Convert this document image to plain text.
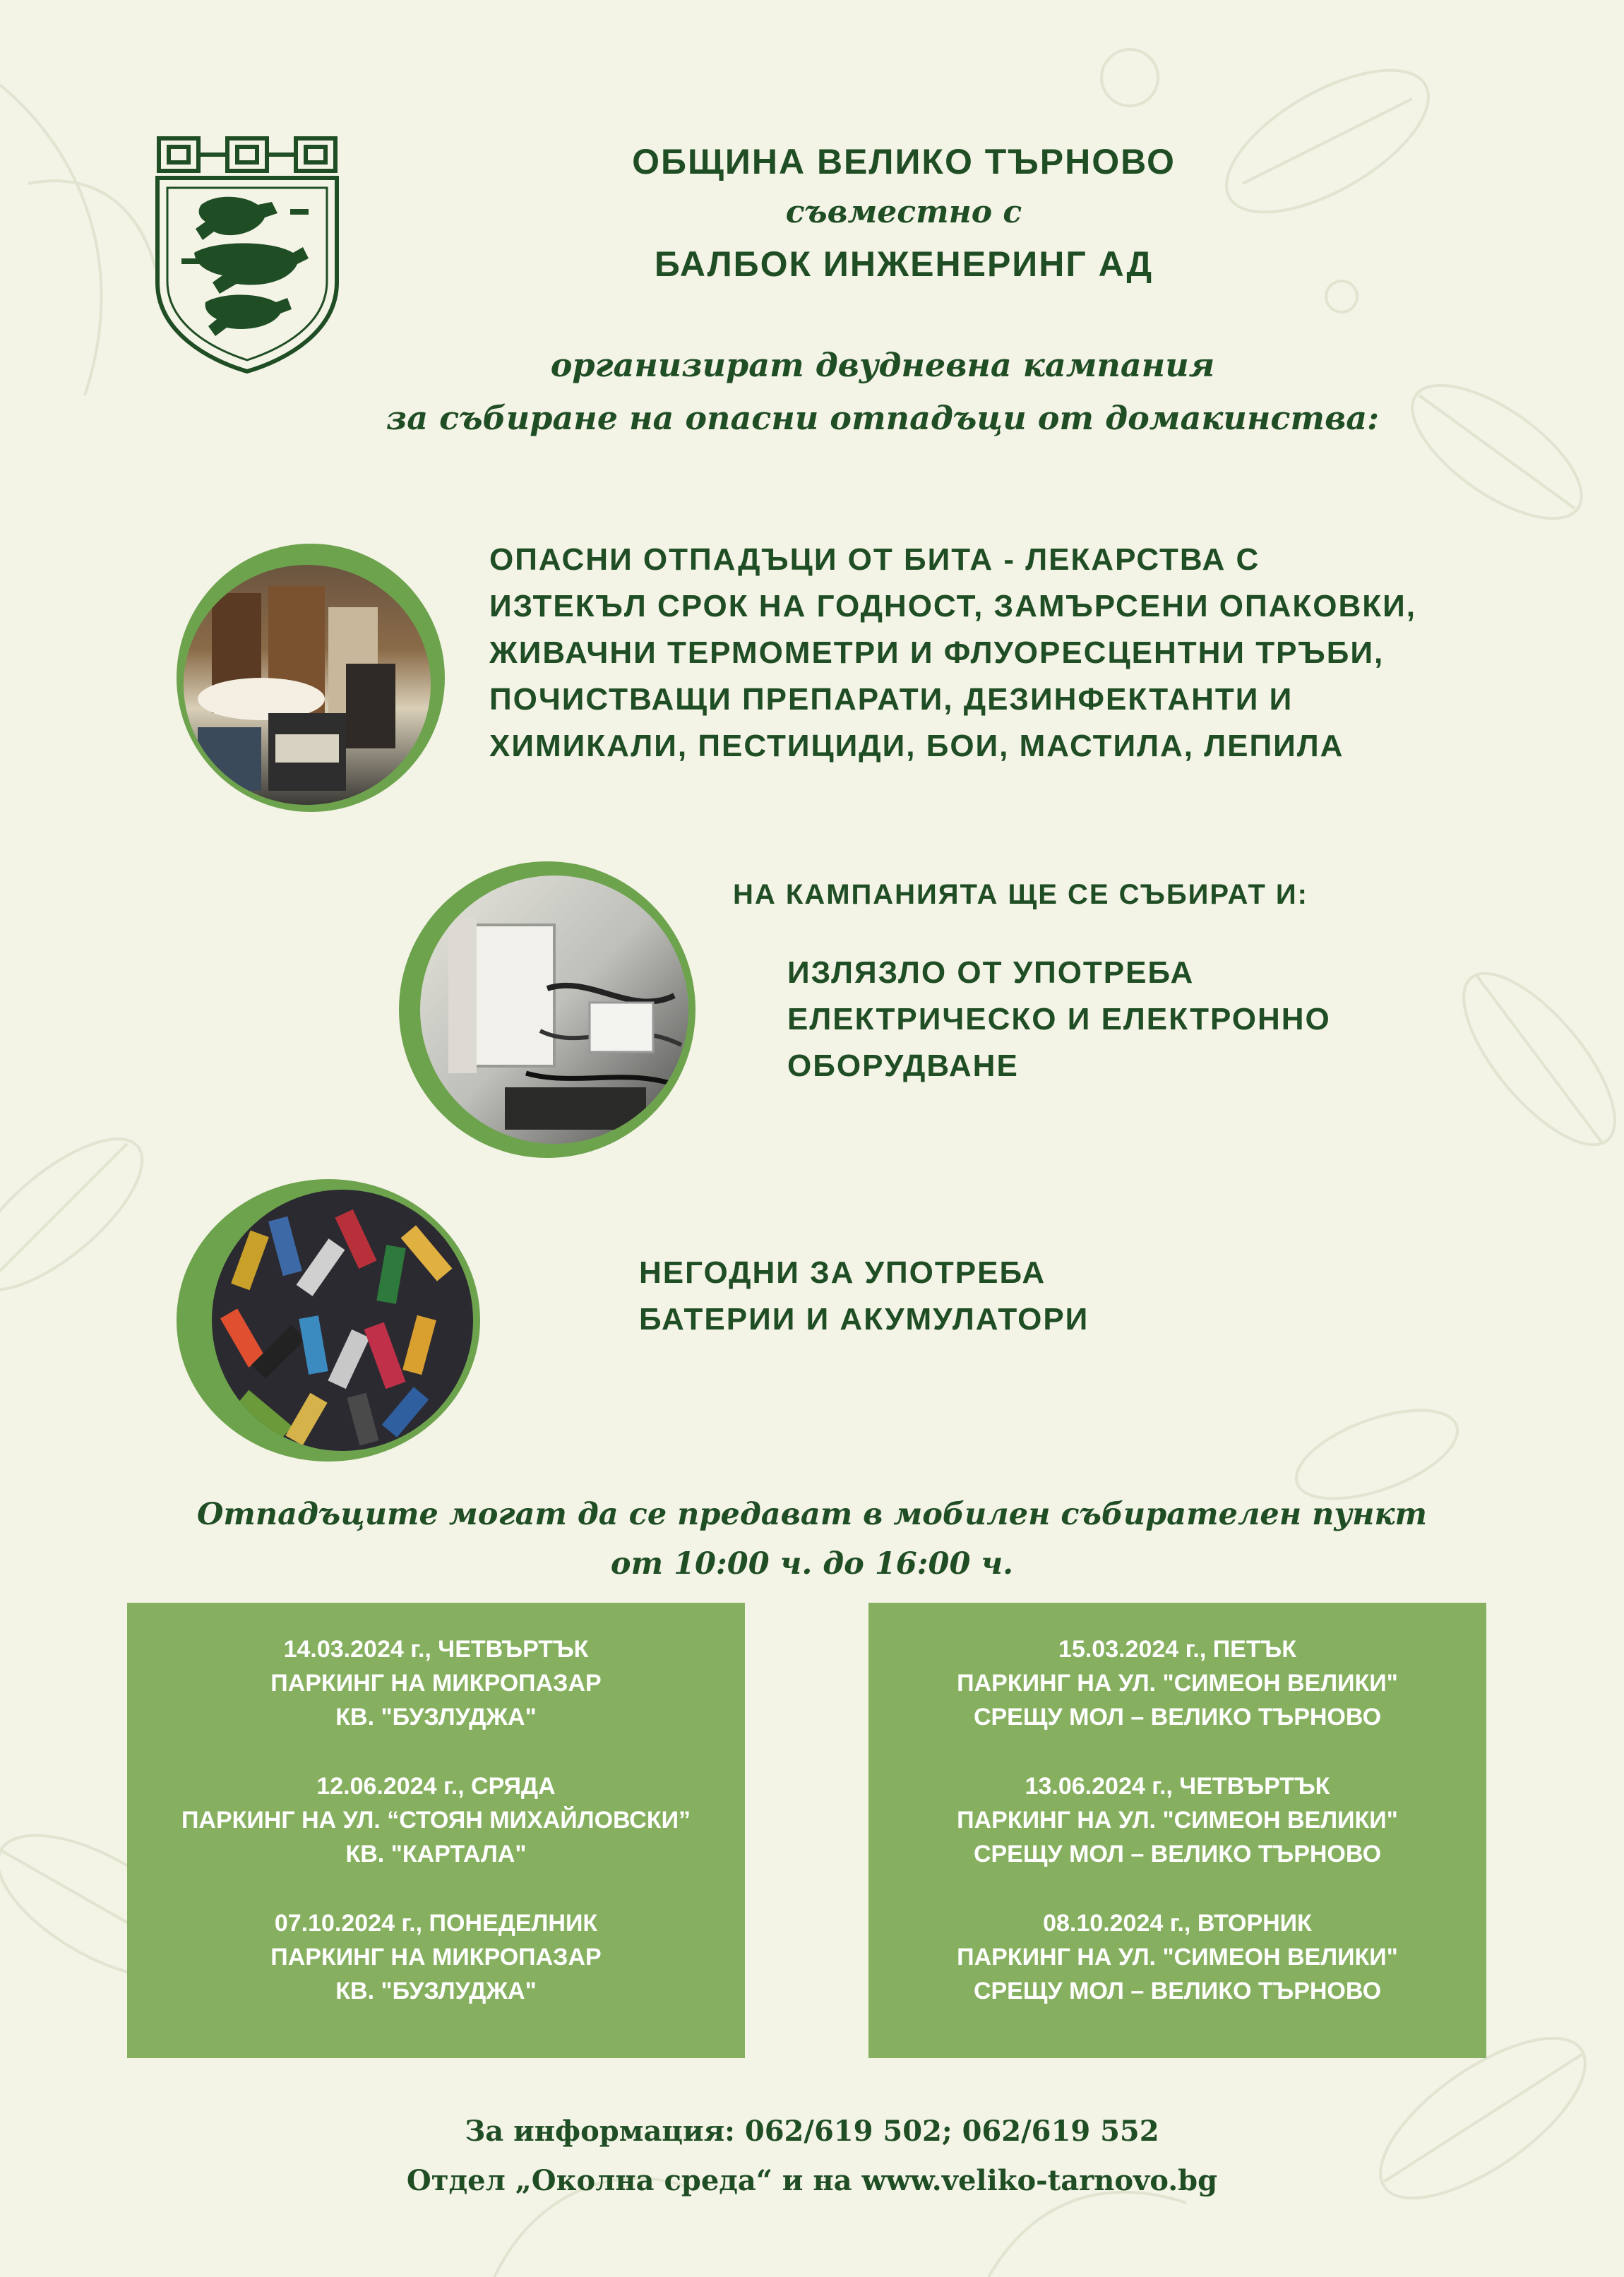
ОБЩИНА ВЕЛИКО ТЪРНОВО
съвместно с
БАЛБОК ИНЖЕНЕРИНГ АД
организират двудневна кампания
за събиране на опасни отпадъци от домакинства:
ОПАСНИ ОТПАДЪЦИ ОТ БИТА - ЛЕКАРСТВА С
ИЗТЕКЪЛ СРОК НА ГОДНОСТ, ЗАМЪРСЕНИ ОПАКОВКИ,
ЖИВАЧНИ ТЕРМОМЕТРИ И ФЛУОРЕСЦЕНТНИ ТРЪБИ,
ПОЧИСТВАЩИ ПРЕПАРАТИ, ДЕЗИНФЕКТАНТИ И
ХИМИКАЛИ, ПЕСТИЦИДИ, БОИ, МАСТИЛА, ЛЕПИЛА
НА КАМПАНИЯТА ЩЕ СЕ СЪБИРАТ И:
ИЗЛЯЗЛО ОТ УПОТРЕБА
ЕЛЕКТРИЧЕСКО И ЕЛЕКТРОННО
ОБОРУДВАНЕ
НЕГОДНИ ЗА УПОТРЕБА
БАТЕРИИ И АКУМУЛАТОРИ
Отпадъците могат да се предават в мобилен събирателен пункт
от 10:00 ч. до 16:00 ч.
14.03.2024 г., ЧЕТВЪРТЪК
ПАРКИНГ НА МИКРОПАЗАР
КВ. "БУЗЛУДЖА"
12.06.2024 г., СРЯДА
ПАРКИНГ НА УЛ. “СТОЯН МИХАЙЛОВСКИ”
КВ. "КАРТАЛА"
07.10.2024 г., ПОНЕДЕЛНИК
ПАРКИНГ НА МИКРОПАЗАР
КВ. "БУЗЛУДЖА"
15.03.2024 г., ПЕТЪК
ПАРКИНГ НА УЛ. "СИМЕОН ВЕЛИКИ"
СРЕЩУ МОЛ – ВЕЛИКО ТЪРНОВО
13.06.2024 г., ЧЕТВЪРТЪК
ПАРКИНГ НА УЛ. "СИМЕОН ВЕЛИКИ"
СРЕЩУ МОЛ – ВЕЛИКО ТЪРНОВО
08.10.2024 г., ВТОРНИК
ПАРКИНГ НА УЛ. "СИМЕОН ВЕЛИКИ"
СРЕЩУ МОЛ – ВЕЛИКО ТЪРНОВО
За информация: 062/619 502; 062/619 552
Отдел „Околна среда“ и на www.veliko-tarnovo.bg
